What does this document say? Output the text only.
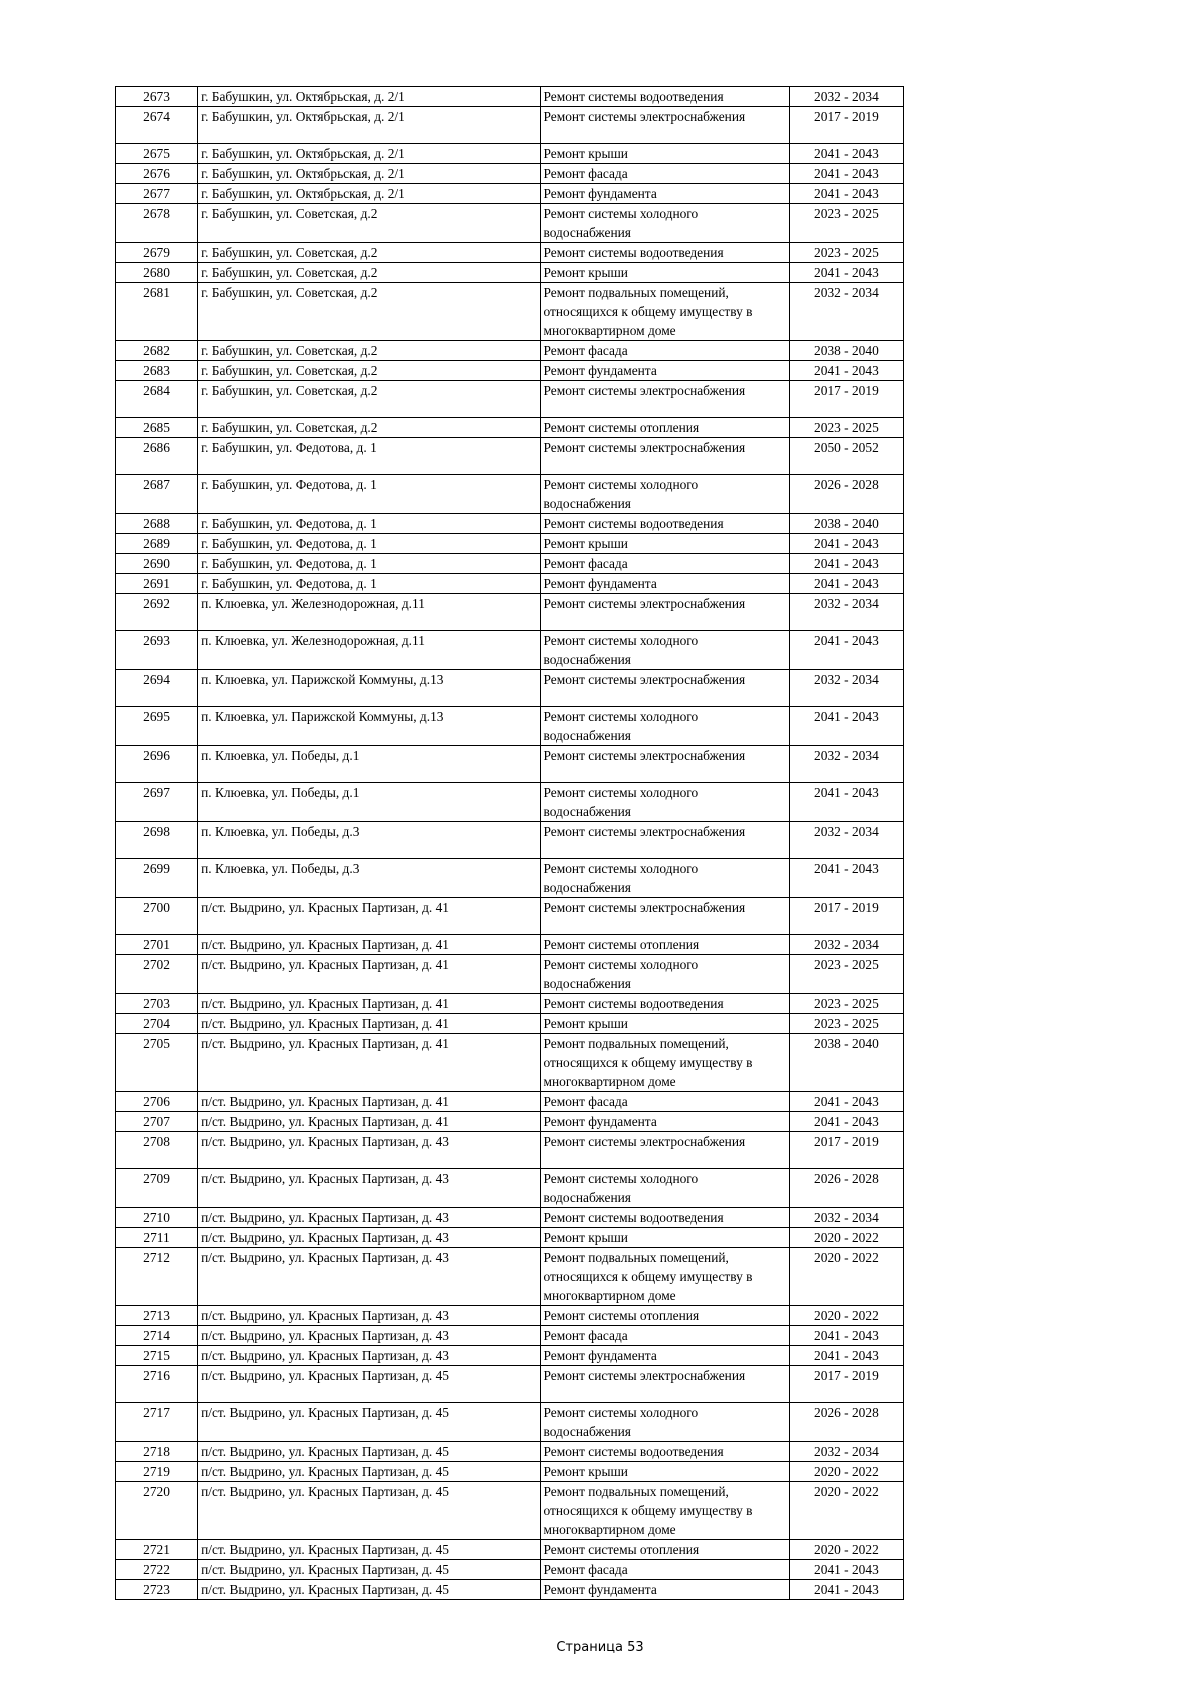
2673	г. Бабушкин, ул. Октябрьская, д. 2/1	Ремонт системы водоотведения	2032 - 2034
2674	г. Бабушкин, ул. Октябрьская, д. 2/1	Ремонт системы электроснабжения	2017 - 2019
2675	г. Бабушкин, ул. Октябрьская, д. 2/1	Ремонт крыши	2041 - 2043
2676	г. Бабушкин, ул. Октябрьская, д. 2/1	Ремонт фасада	2041 - 2043
2677	г. Бабушкин, ул. Октябрьская, д. 2/1	Ремонт фундамента	2041 - 2043
2678	г. Бабушкин, ул. Советская, д.2	Ремонт системы холодного
водоснабжения	2023 - 2025
2679	г. Бабушкин, ул. Советская, д.2	Ремонт системы водоотведения	2023 - 2025
2680	г. Бабушкин, ул. Советская, д.2	Ремонт крыши	2041 - 2043
2681	г. Бабушкин, ул. Советская, д.2	Ремонт подвальных помещений,
относящихся к общему имуществу в
многоквартирном доме	2032 - 2034
2682	г. Бабушкин, ул. Советская, д.2	Ремонт фасада	2038 - 2040
2683	г. Бабушкин, ул. Советская, д.2	Ремонт фундамента	2041 - 2043
2684	г. Бабушкин, ул. Советская, д.2	Ремонт системы электроснабжения	2017 - 2019
2685	г. Бабушкин, ул. Советская, д.2	Ремонт системы отопления	2023 - 2025
2686	г. Бабушкин, ул. Федотова, д. 1	Ремонт системы электроснабжения	2050 - 2052
2687	г. Бабушкин, ул. Федотова, д. 1	Ремонт системы холодного
водоснабжения	2026 - 2028
2688	г. Бабушкин, ул. Федотова, д. 1	Ремонт системы водоотведения	2038 - 2040
2689	г. Бабушкин, ул. Федотова, д. 1	Ремонт крыши	2041 - 2043
2690	г. Бабушкин, ул. Федотова, д. 1	Ремонт фасада	2041 - 2043
2691	г. Бабушкин, ул. Федотова, д. 1	Ремонт фундамента	2041 - 2043
2692	п. Клюевка, ул. Железнодорожная, д.11	Ремонт системы электроснабжения	2032 - 2034
2693	п. Клюевка, ул. Железнодорожная, д.11	Ремонт системы холодного
водоснабжения	2041 - 2043
2694	п. Клюевка, ул. Парижской Коммуны, д.13	Ремонт системы электроснабжения	2032 - 2034
2695	п. Клюевка, ул. Парижской Коммуны, д.13	Ремонт системы холодного
водоснабжения	2041 - 2043
2696	п. Клюевка, ул. Победы, д.1	Ремонт системы электроснабжения	2032 - 2034
2697	п. Клюевка, ул. Победы, д.1	Ремонт системы холодного
водоснабжения	2041 - 2043
2698	п. Клюевка, ул. Победы, д.3	Ремонт системы электроснабжения	2032 - 2034
2699	п. Клюевка, ул. Победы, д.3	Ремонт системы холодного
водоснабжения	2041 - 2043
2700	п/ст. Выдрино, ул. Красных Партизан, д. 41	Ремонт системы электроснабжения	2017 - 2019
2701	п/ст. Выдрино, ул. Красных Партизан, д. 41	Ремонт системы отопления	2032 - 2034
2702	п/ст. Выдрино, ул. Красных Партизан, д. 41	Ремонт системы холодного
водоснабжения	2023 - 2025
2703	п/ст. Выдрино, ул. Красных Партизан, д. 41	Ремонт системы водоотведения	2023 - 2025
2704	п/ст. Выдрино, ул. Красных Партизан, д. 41	Ремонт крыши	2023 - 2025
2705	п/ст. Выдрино, ул. Красных Партизан, д. 41	Ремонт подвальных помещений,
относящихся к общему имуществу в
многоквартирном доме	2038 - 2040
2706	п/ст. Выдрино, ул. Красных Партизан, д. 41	Ремонт фасада	2041 - 2043
2707	п/ст. Выдрино, ул. Красных Партизан, д. 41	Ремонт фундамента	2041 - 2043
2708	п/ст. Выдрино, ул. Красных Партизан, д. 43	Ремонт системы электроснабжения	2017 - 2019
2709	п/ст. Выдрино, ул. Красных Партизан, д. 43	Ремонт системы холодного
водоснабжения	2026 - 2028
2710	п/ст. Выдрино, ул. Красных Партизан, д. 43	Ремонт системы водоотведения	2032 - 2034
2711	п/ст. Выдрино, ул. Красных Партизан, д. 43	Ремонт крыши	2020 - 2022
2712	п/ст. Выдрино, ул. Красных Партизан, д. 43	Ремонт подвальных помещений,
относящихся к общему имуществу в
многоквартирном доме	2020 - 2022
2713	п/ст. Выдрино, ул. Красных Партизан, д. 43	Ремонт системы отопления	2020 - 2022
2714	п/ст. Выдрино, ул. Красных Партизан, д. 43	Ремонт фасада	2041 - 2043
2715	п/ст. Выдрино, ул. Красных Партизан, д. 43	Ремонт фундамента	2041 - 2043
2716	п/ст. Выдрино, ул. Красных Партизан, д. 45	Ремонт системы электроснабжения	2017 - 2019
2717	п/ст. Выдрино, ул. Красных Партизан, д. 45	Ремонт системы холодного
водоснабжения	2026 - 2028
2718	п/ст. Выдрино, ул. Красных Партизан, д. 45	Ремонт системы водоотведения	2032 - 2034
2719	п/ст. Выдрино, ул. Красных Партизан, д. 45	Ремонт крыши	2020 - 2022
2720	п/ст. Выдрино, ул. Красных Партизан, д. 45	Ремонт подвальных помещений,
относящихся к общему имуществу в
многоквартирном доме	2020 - 2022
2721	п/ст. Выдрино, ул. Красных Партизан, д. 45	Ремонт системы отопления	2020 - 2022
2722	п/ст. Выдрино, ул. Красных Партизан, д. 45	Ремонт фасада	2041 - 2043
2723	п/ст. Выдрино, ул. Красных Партизан, д. 45	Ремонт фундамента	2041 - 2043
Страница 53
